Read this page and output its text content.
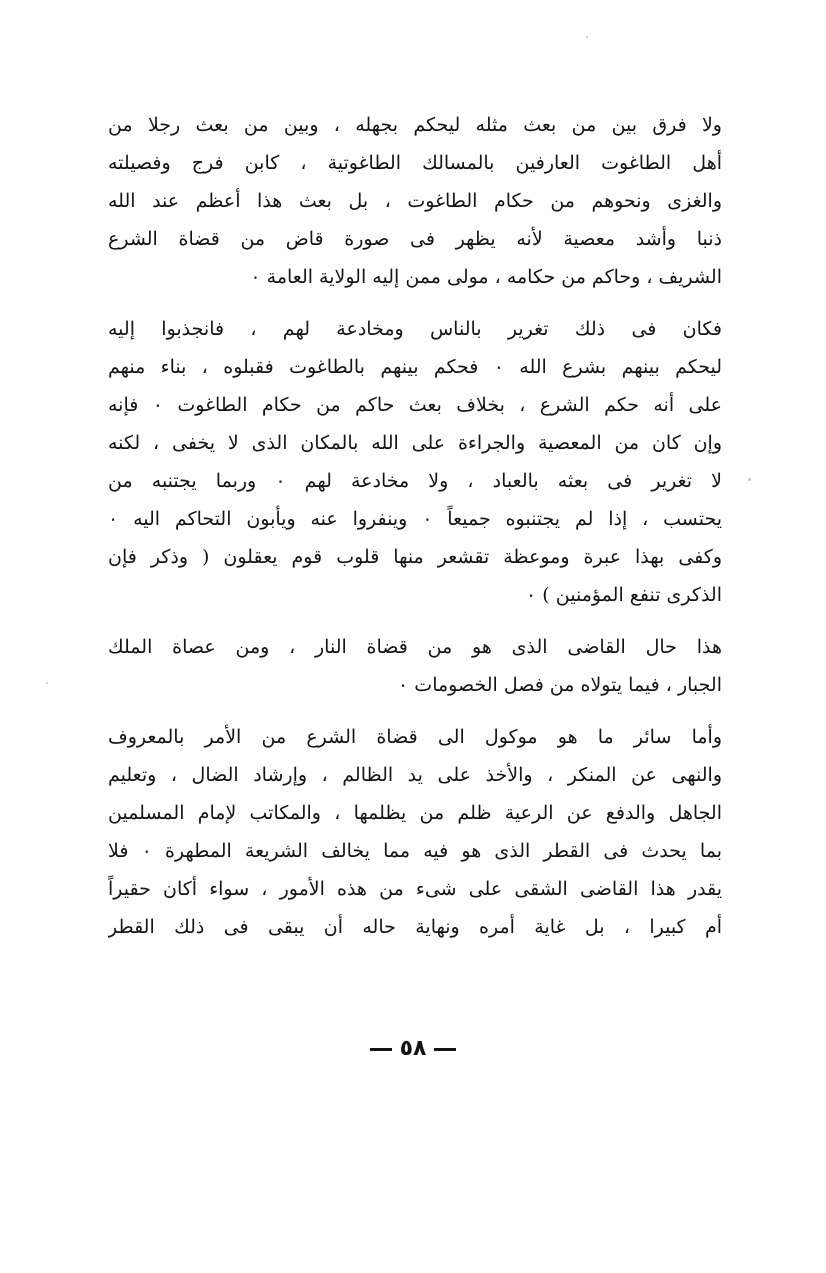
ولا فرق بين من بعث مثله ليحكم بجهله ، وبين من بعث رجلا من
أهل الطاغوت العارفين بالمسالك الطاغوتية ، كابن فرج وفصيلته
والغزى ونحوهم من حكام الطاغوت ، بل بعث هذا أعظم عند الله
ذنبا وأشد معصية لأنه يظهر فى صورة قاض من قضاة الشرع
الشريف ، وحاكم من حكامه ، مولى ممن إليه الولاية العامة ٠
فكان فى ذلك تغرير بالناس ومخادعة لهم ، فانجذبوا إليه
ليحكم بينهم بشرع الله ٠ فحكم بينهم بالطاغوت فقبلوه ، بناء منهم
على أنه حكم الشرع ، بخلاف بعث حاكم من حكام الطاغوت ٠ فإنه
وإن كان من المعصية والجراءة على الله بالمكان الذى لا يخفى ، لكنه
لا تغرير فى بعثه بالعباد ، ولا مخادعة لهم ٠ وربما يجتنبه من
يحتسب ، إذا لم يجتنبوه جميعاً ٠ وينفروا عنه ويأبون التحاكم اليه ٠
وكفى بهذا عبرة وموعظة تقشعر منها قلوب قوم يعقلون ( وذكر فإن
الذكرى تنفع المؤمنين ) ٠
هذا حال القاضى الذى هو من قضاة النار ، ومن عصاة الملك
الجبار ، فيما يتولاه من فصل الخصومات ٠
وأما سائر ما هو موكول الى قضاة الشرع من الأمر بالمعروف
والنهى عن المنكر ، والأخذ على يد الظالم ، وإرشاد الضال ، وتعليم
الجاهل والدفع عن الرعية ظلم من يظلمها ، والمكاتب لإمام المسلمين
بما يحدث فى القطر الذى هو فيه مما يخالف الشريعة المطهرة ٠ فلا
يقدر هذا القاضى الشقى على شىء من هذه الأمور ، سواء أكان حقيراً
أم كبيرا ، بل غاية أمره ونهاية حاله أن يبقى فى ذلك القطر
٥٨
